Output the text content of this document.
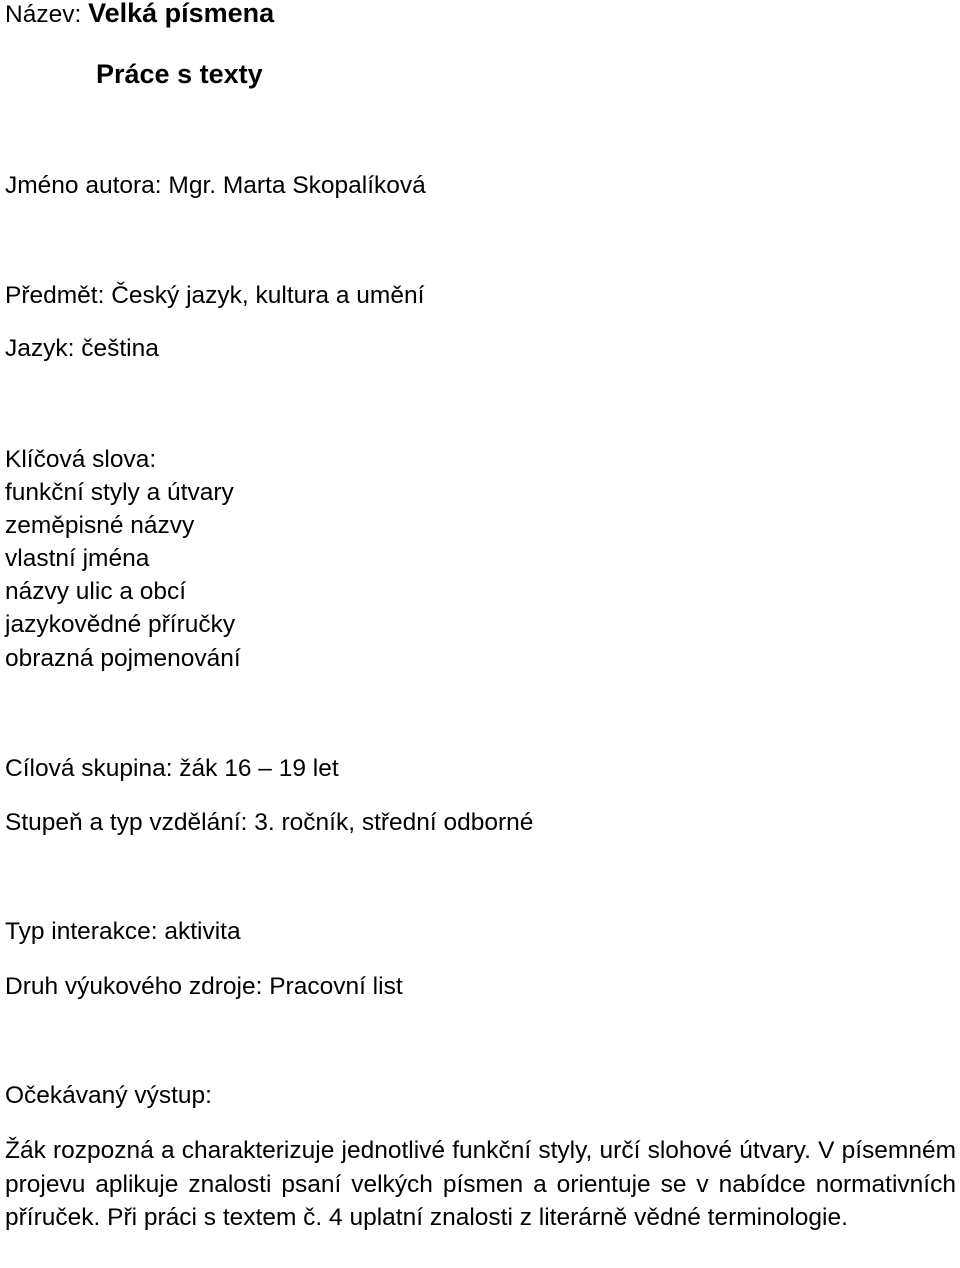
Název: Velká písmena
Práce s texty
Jméno autora: Mgr. Marta Skopalíková
Předmět: Český jazyk, kultura a umění
Jazyk: čeština
Klíčová slova:
funkční styly a útvary
zeměpisné názvy
vlastní jména
názvy ulic a obcí
jazykovědné příručky
obrazná pojmenování
Cílová skupina: žák 16 – 19 let
Stupeň a typ vzdělání: 3. ročník, střední odborné
Typ interakce: aktivita
Druh výukového zdroje: Pracovní list
Očekávaný výstup:
Žák rozpozná a charakterizuje jednotlivé funkční styly, určí slohové útvary. V písemném projevu aplikuje znalosti psaní velkých písmen a orientuje se v nabídce normativních příruček. Při práci s textem č. 4 uplatní znalosti z literárně vědné terminologie.
